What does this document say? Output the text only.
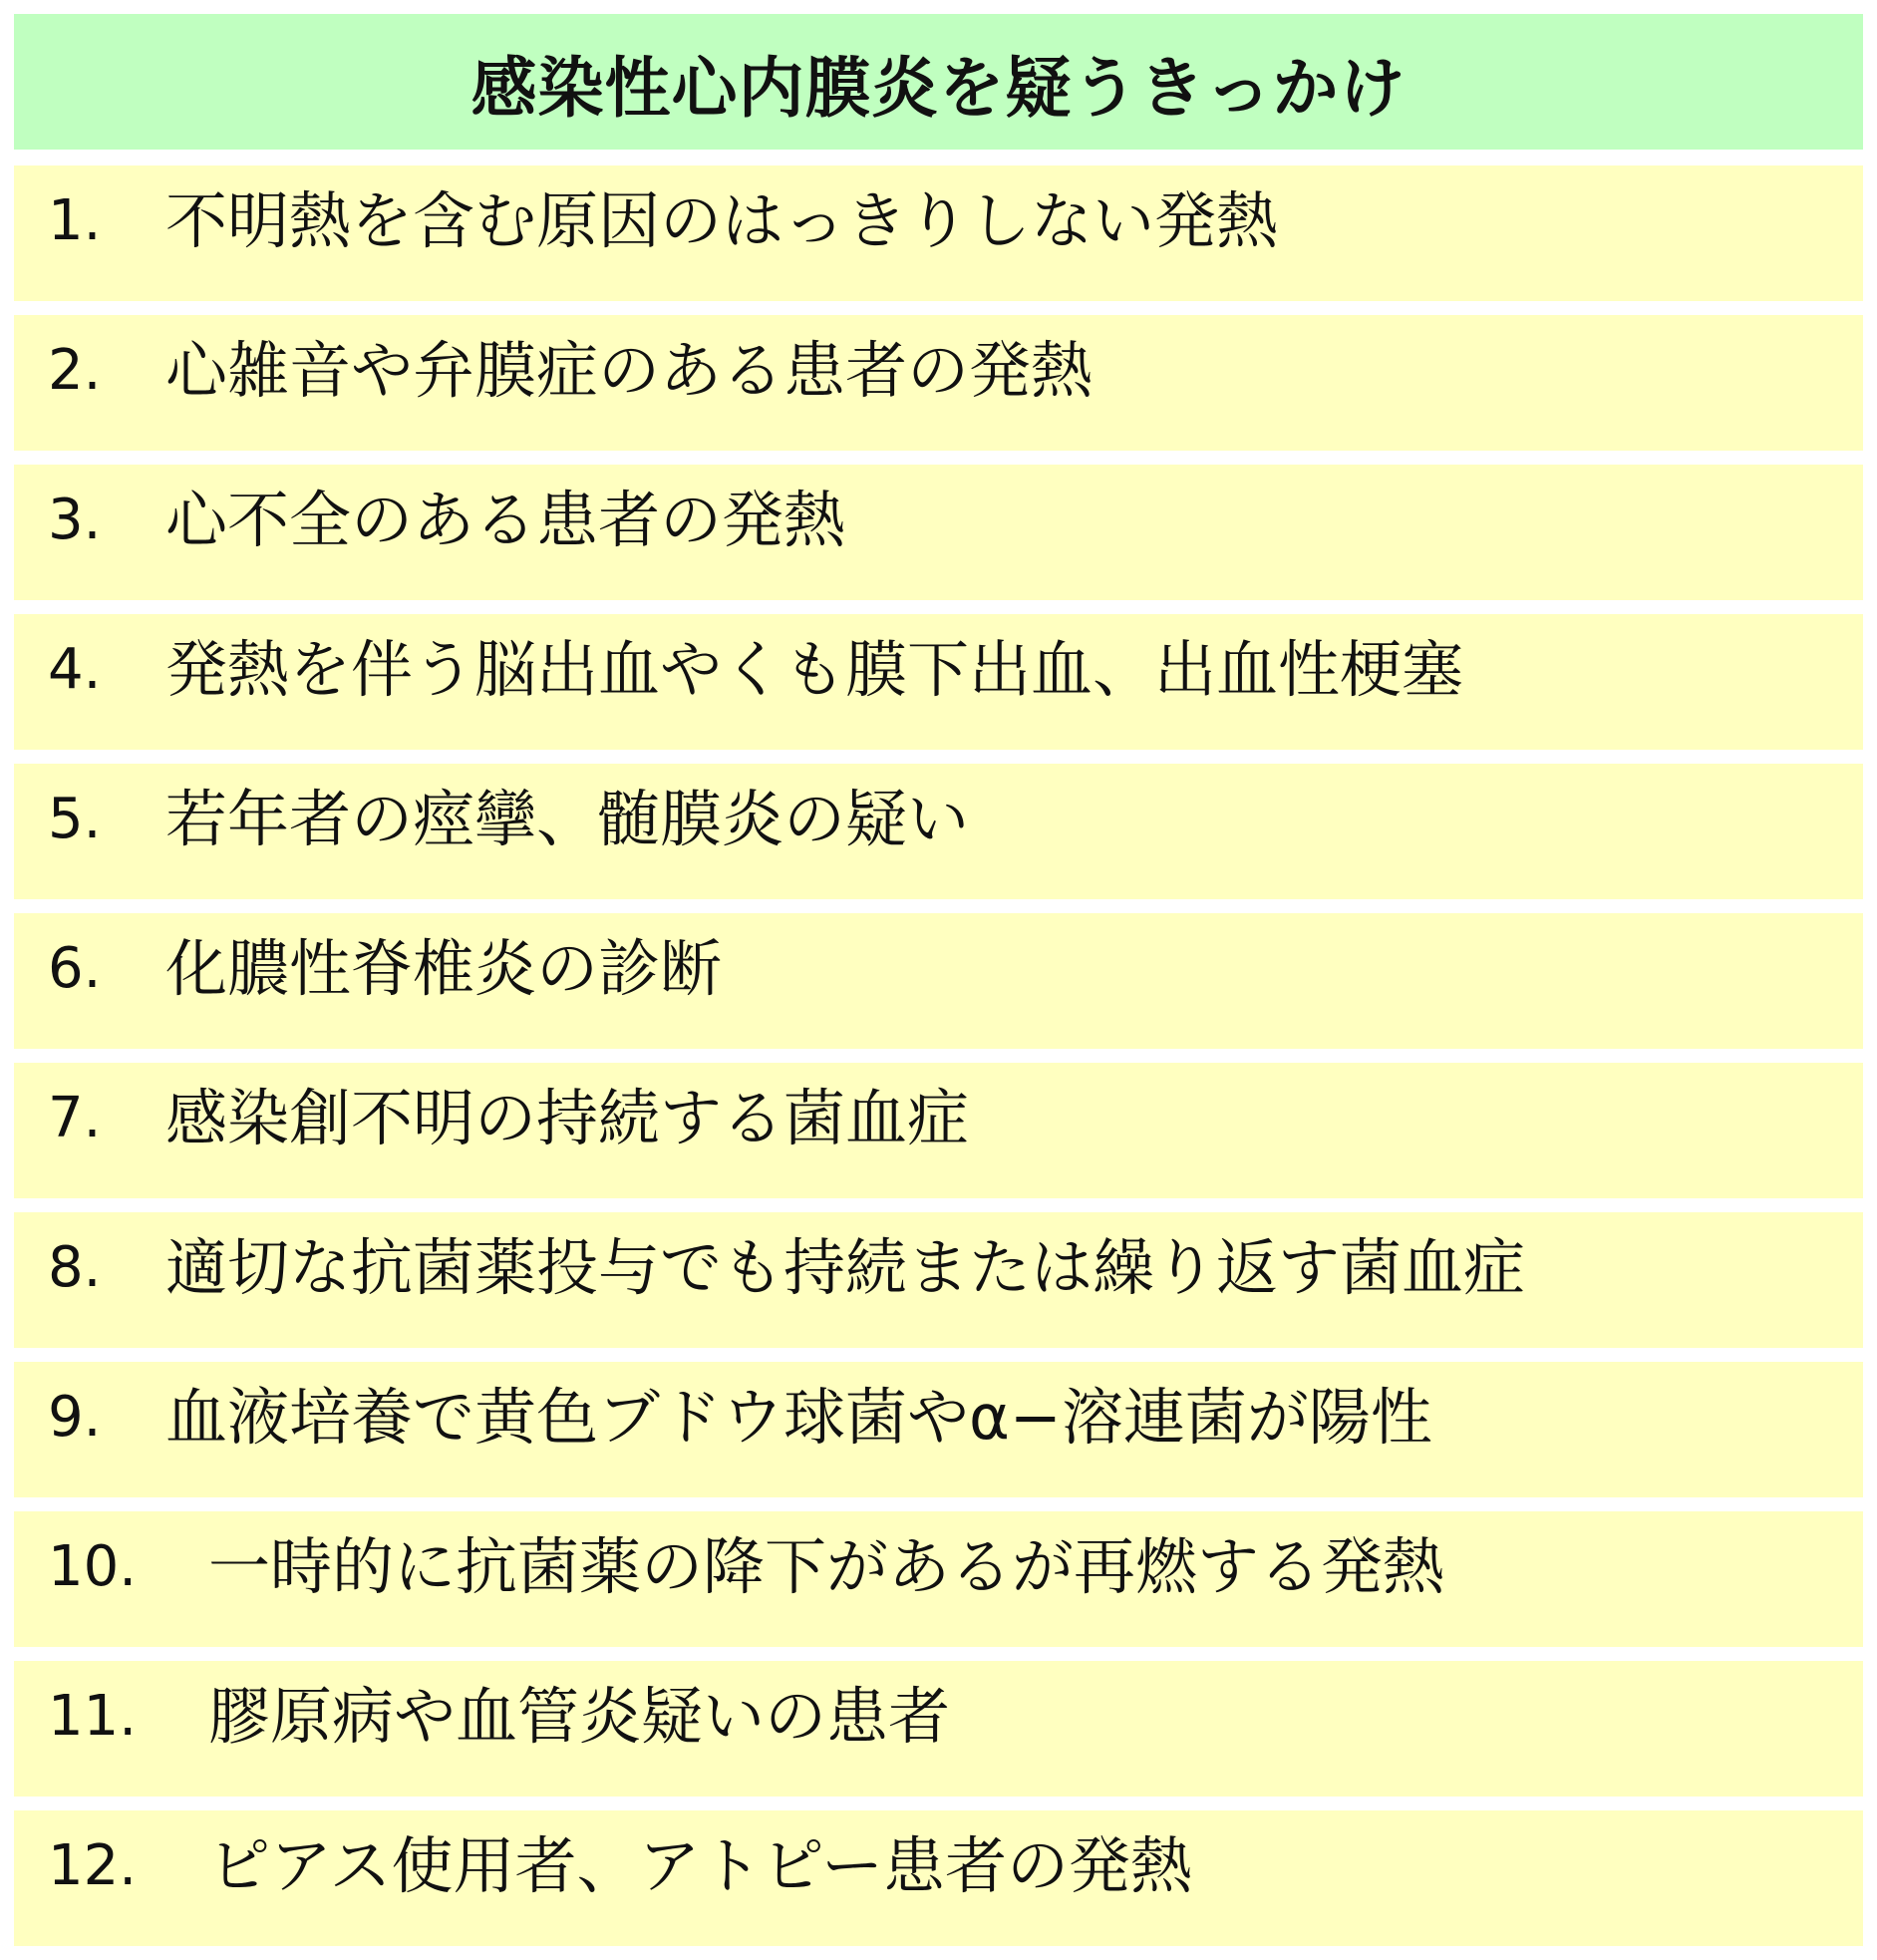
感染性心内膜炎を疑うきっかけ
1.	不明熱を含む原因のはっきりしない発熱
2.	心雑音や弁膜症のある患者の発熱
3.	心不全のある患者の発熱
4.	発熱を伴う脳出血やくも膜下出血、出血性梗塞
5.	若年者の痙攣、髄膜炎の疑い
6.	化膿性脊椎炎の診断
7.	感染創不明の持続する菌血症
8.	適切な抗菌薬投与でも持続または繰り返す菌血症
9.	血液培養で黄色ブドウ球菌やα−溶連菌が陽性
10.	一時的に抗菌薬の降下があるが再燃する発熱
11.	膠原病や血管炎疑いの患者
12.	ピアス使用者、アトピー患者の発熱
